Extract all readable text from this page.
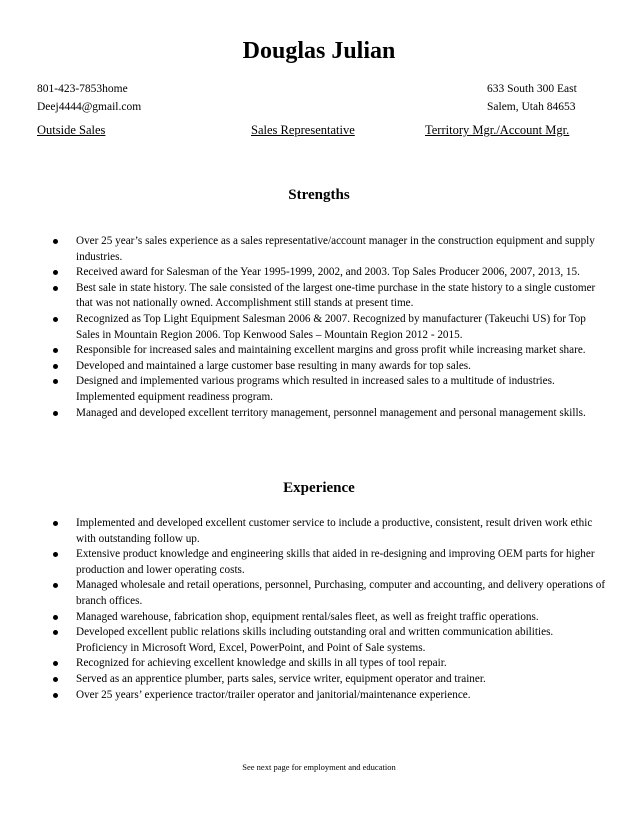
Douglas Julian
801-423-7853home
Deej4444@gmail.com
633 South 300 East
Salem, Utah 84653
Outside Sales	Sales Representative	Territory Mgr./Account Mgr.
Strengths
Over 25 year’s sales experience as a sales representative/account manager in the construction equipment and supply industries.
Received award for Salesman of the Year 1995-1999, 2002, and 2003. Top Sales Producer 2006, 2007, 2013, 15.
Best sale in state history. The sale consisted of the largest one-time purchase in the state history to a single customer that was not nationally owned. Accomplishment still stands at present time.
Recognized as Top Light Equipment Salesman 2006 & 2007. Recognized by manufacturer (Takeuchi US) for Top Sales in Mountain Region 2006. Top Kenwood Sales – Mountain Region 2012 - 2015.
Responsible for increased sales and maintaining excellent margins and gross profit while increasing market share.
Developed and maintained a large customer base resulting in many awards for top sales.
Designed and implemented various programs which resulted in increased sales to a multitude of industries. Implemented equipment readiness program.
Managed and developed excellent territory management, personnel management and personal management skills.
Experience
Implemented and developed excellent customer service to include a productive, consistent, result driven work ethic with outstanding follow up.
Extensive product knowledge and engineering skills that aided in re-designing and improving OEM parts for higher production and lower operating costs.
Managed wholesale and retail operations, personnel, Purchasing, computer and accounting, and delivery operations of branch offices.
Managed warehouse, fabrication shop, equipment rental/sales fleet, as well as freight traffic operations.
Developed excellent public relations skills including outstanding oral and written communication abilities. Proficiency in Microsoft Word, Excel, PowerPoint, and Point of Sale systems.
Recognized for achieving excellent knowledge and skills in all types of tool repair.
Served as an apprentice plumber, parts sales, service writer, equipment operator and trainer.
Over 25 years’ experience tractor/trailer operator and janitorial/maintenance experience.
See next page for employment and education
